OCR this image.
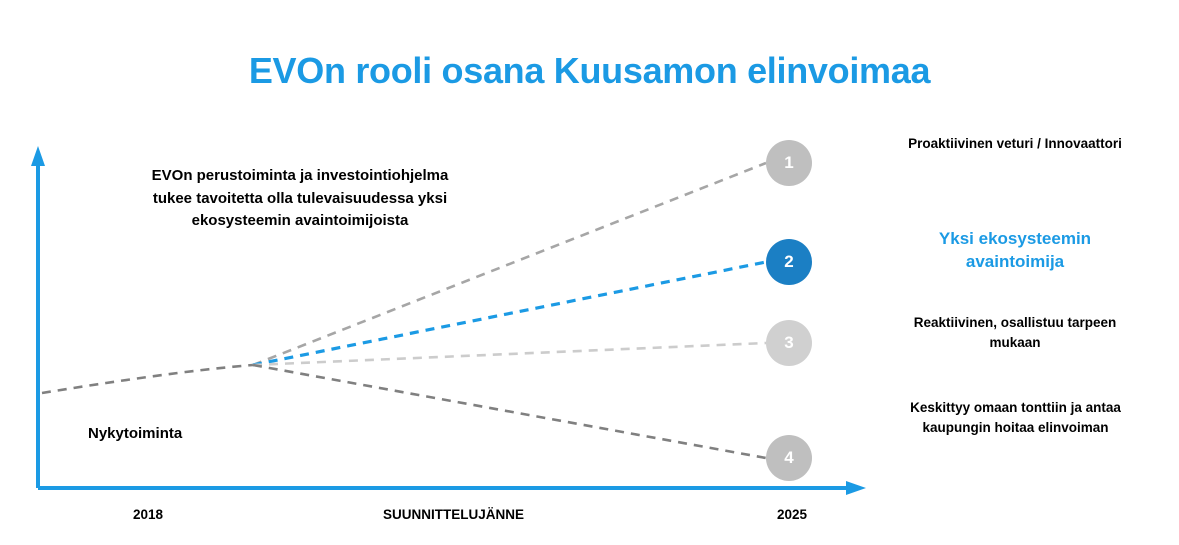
EVOn rooli osana Kuusamon elinvoimaa
1
2
3
4
EVOn perustoiminta ja investointiohjelma tukee tavoitetta olla tulevaisuudessa yksi ekosysteemin avaintoimijoista
Nykytoiminta
Proaktiivinen veturi / Innovaattori
Yksi ekosysteemin avaintoimija
Reaktiivinen, osallistuu tarpeen mukaan
Keskittyy omaan tonttiin ja antaa kaupungin hoitaa elinvoiman
2018	SUUNNITTELUJÄNNE	2025
